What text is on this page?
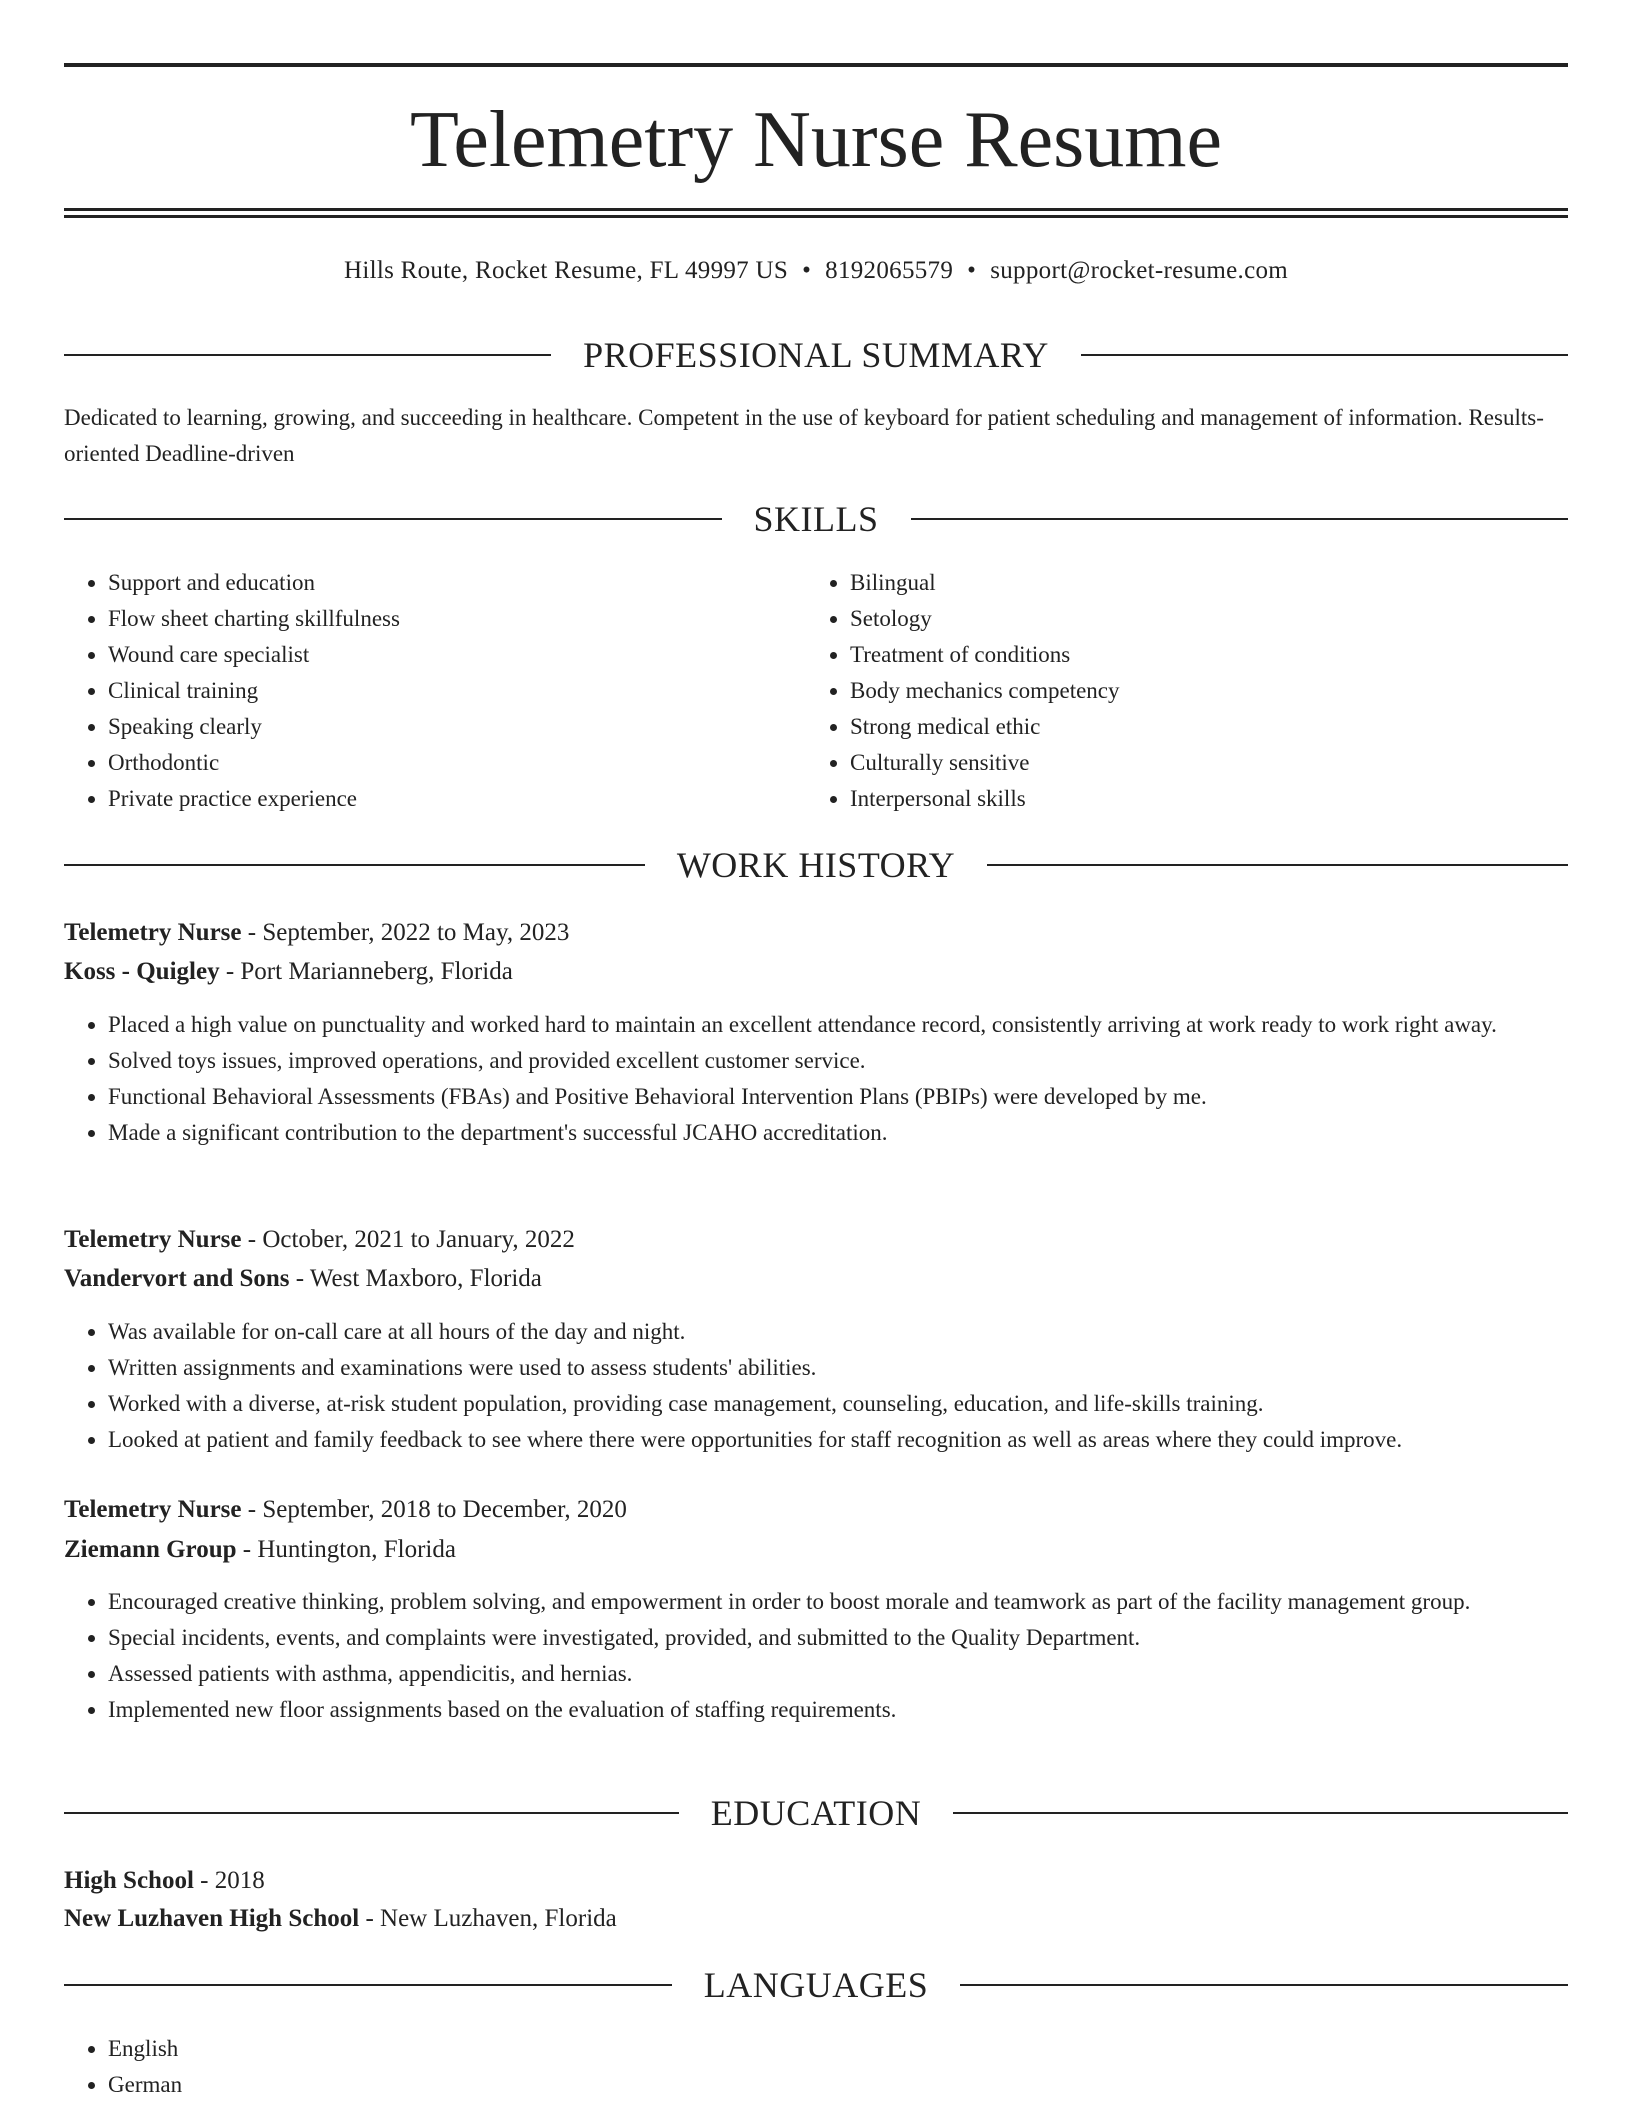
Telemetry Nurse Resume
Hills Route, Rocket Resume, FL 49997 US • 8192065579 • support@rocket-resume.com
PROFESSIONAL SUMMARY

Dedicated to learning, growing, and succeeding in healthcare. Competent in the use of keyboard for patient scheduling and management of information. Results-oriented Deadline-driven

SKILLS
• Support and education
• Flow sheet charting skillfulness
• Wound care specialist
• Clinical training
• Speaking clearly
• Orthodontic
• Private practice experience
• Bilingual
• Setology
• Treatment of conditions
• Body mechanics competency
• Strong medical ethic
• Culturally sensitive
• Interpersonal skills
WORK HISTORY
Telemetry Nurse - September, 2022 to May, 2023
Koss - Quigley - Port Marianneberg, Florida
• Placed a high value on punctuality and worked hard to maintain an excellent attendance record, consistently arriving at work ready to work right away.
• Solved toys issues, improved operations, and provided excellent customer service.
• Functional Behavioral Assessments (FBAs) and Positive Behavioral Intervention Plans (PBIPs) were developed by me.
• Made a significant contribution to the department's successful JCAHO accreditation.
Telemetry Nurse - October, 2021 to January, 2022
Vandervort and Sons - West Maxboro, Florida
• Was available for on-call care at all hours of the day and night.
• Written assignments and examinations were used to assess students' abilities.
• Worked with a diverse, at-risk student population, providing case management, counseling, education, and life-skills training.
• Looked at patient and family feedback to see where there were opportunities for staff recognition as well as areas where they could improve.
Telemetry Nurse - September, 2018 to December, 2020
Ziemann Group - Huntington, Florida
• Encouraged creative thinking, problem solving, and empowerment in order to boost morale and teamwork as part of the facility management group.
• Special incidents, events, and complaints were investigated, provided, and submitted to the Quality Department.
• Assessed patients with asthma, appendicitis, and hernias.
• Implemented new floor assignments based on the evaluation of staffing requirements.
EDUCATION
High School - 2018
New Luzhaven High School - New Luzhaven, Florida
LANGUAGES
• English
• German
